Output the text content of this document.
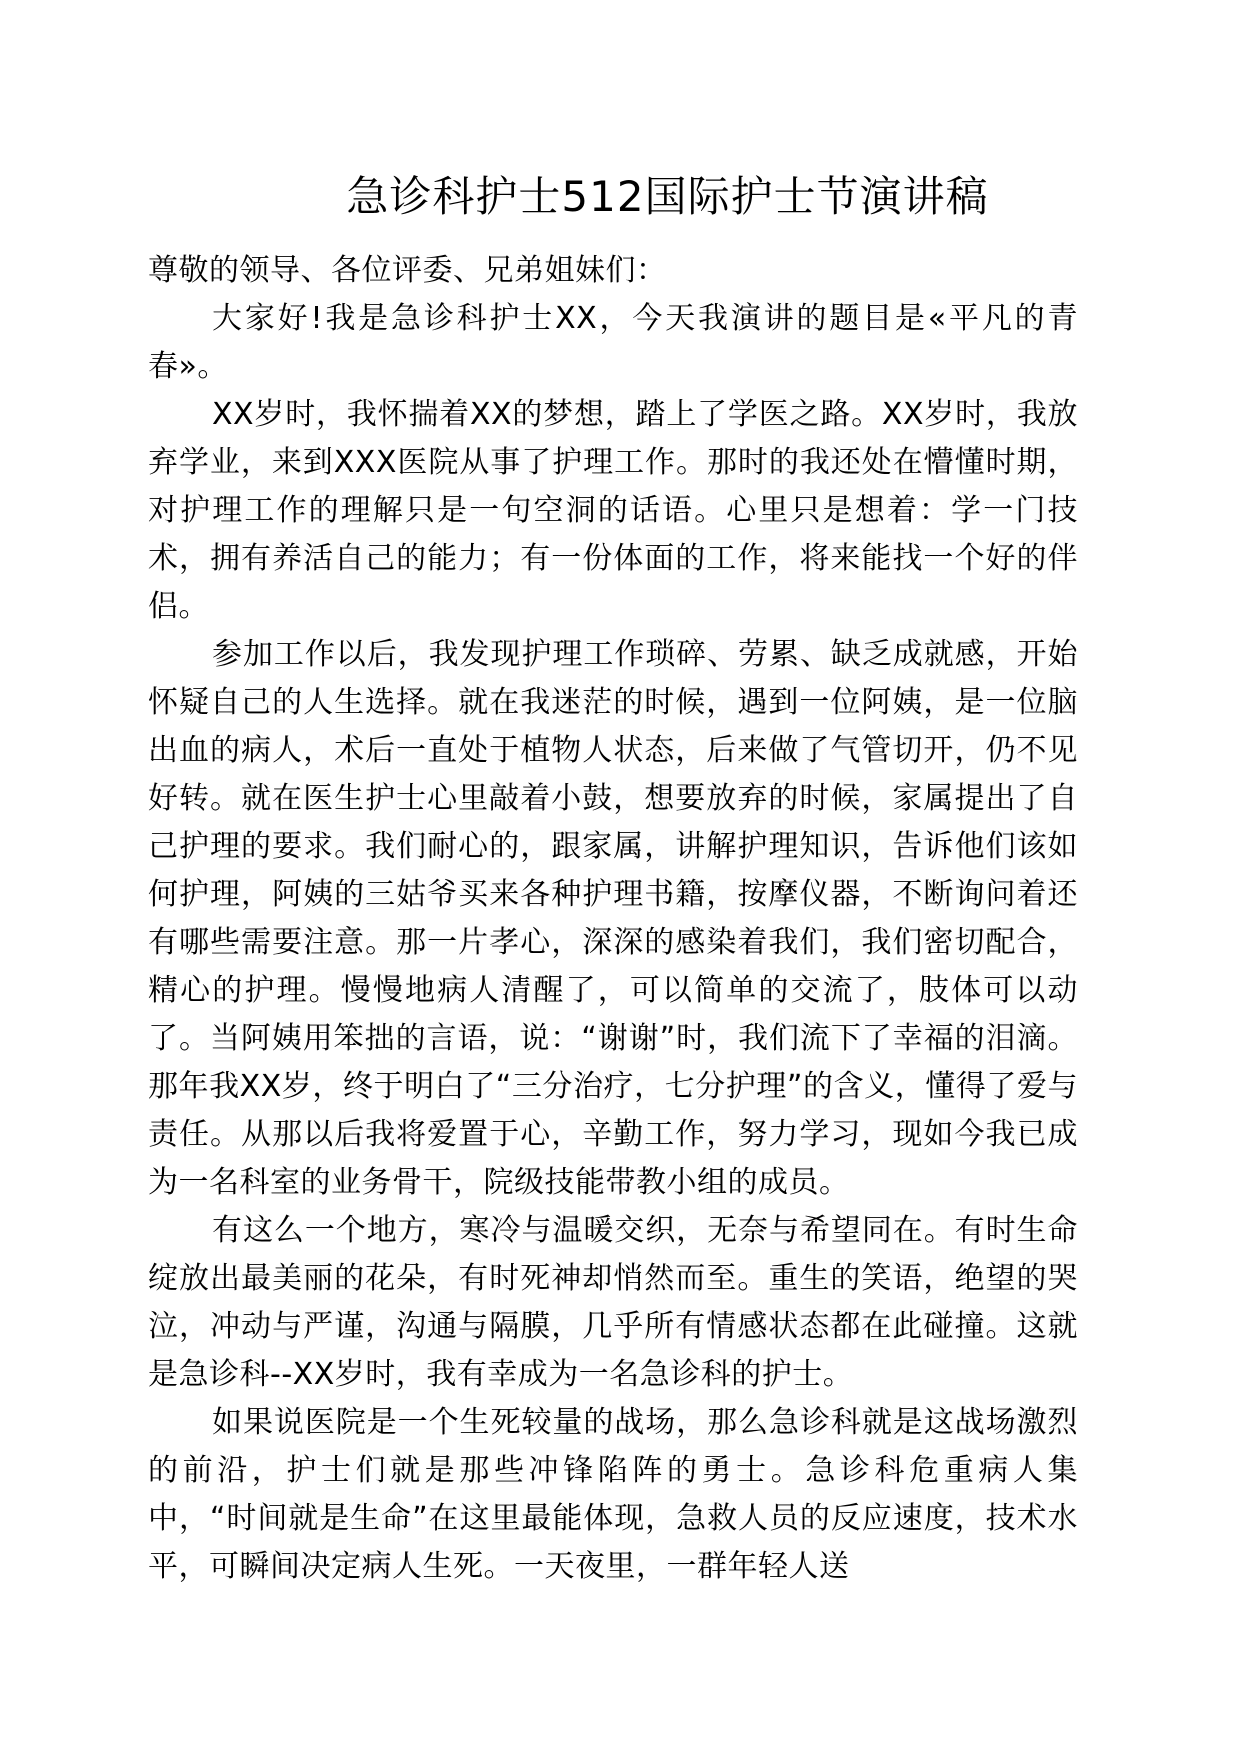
急诊科护士512国际护士节演讲稿

尊敬的领导、各位评委、兄弟姐妹们：

大家好!我是急诊科护士XX，今天我演讲的题目是«平凡的青春»。

XX岁时，我怀揣着XX的梦想，踏上了学医之路。XX岁时，我放弃学业，来到XXX医院从事了护理工作。那时的我还处在懵懂时期，对护理工作的理解只是一句空洞的话语。心里只是想着：学一门技术，拥有养活自己的能力；有一份体面的工作，将来能找一个好的伴侣。

参加工作以后，我发现护理工作琐碎、劳累、缺乏成就感，开始怀疑自己的人生选择。就在我迷茫的时候，遇到一位阿姨，是一位脑出血的病人，术后一直处于植物人状态，后来做了气管切开，仍不见好转。就在医生护士心里敲着小鼓，想要放弃的时候，家属提出了自己护理的要求。我们耐心的，跟家属，讲解护理知识，告诉他们该如何护理，阿姨的三姑爷买来各种护理书籍，按摩仪器，不断询问着还有哪些需要注意。那一片孝心，深深的感染着我们，我们密切配合，精心的护理。慢慢地病人清醒了，可以简单的交流了，肢体可以动了。当阿姨用笨拙的言语，说：“谢谢”时，我们流下了幸福的泪滴。那年我XX岁，终于明白了“三分治疗，七分护理”的含义，懂得了爱与责任。从那以后我将爱置于心，辛勤工作，努力学习，现如今我已成为一名科室的业务骨干，院级技能带教小组的成员。

有这么一个地方，寒冷与温暖交织，无奈与希望同在。有时生命绽放出最美丽的花朵，有时死神却悄然而至。重生的笑语，绝望的哭泣，冲动与严谨，沟通与隔膜，几乎所有情感状态都在此碰撞。这就是急诊科--XX岁时，我有幸成为一名急诊科的护士。

如果说医院是一个生死较量的战场，那么急诊科就是这战场激烈的前沿，护士们就是那些冲锋陷阵的勇士。急诊科危重病人集中，“时间就是生命”在这里最能体现，急救人员的反应速度，技术水平，可瞬间决定病人生死。一天夜里，一群年轻人送
